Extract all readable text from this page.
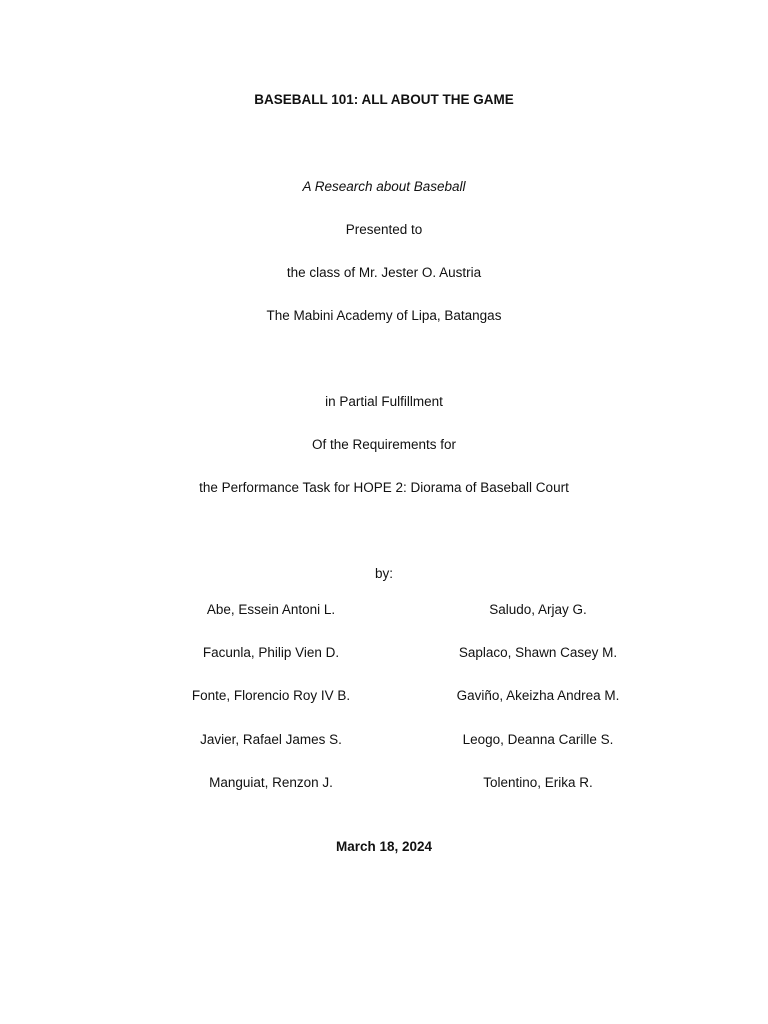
BASEBALL 101: ALL ABOUT THE GAME
A Research about Baseball
Presented to
the class of Mr. Jester O. Austria
The Mabini Academy of Lipa, Batangas
in Partial Fulfillment
Of the Requirements for
the Performance Task for HOPE 2: Diorama of Baseball Court
by:
Abe, Essein Antoni L.
Facunla, Philip Vien D.
Fonte, Florencio Roy IV B.
Javier, Rafael James S.
Manguiat, Renzon J.
Saludo, Arjay G.
Saplaco, Shawn Casey M.
Gaviño, Akeizha Andrea M.
Leogo, Deanna Carille S.
Tolentino, Erika R.
March 18, 2024
